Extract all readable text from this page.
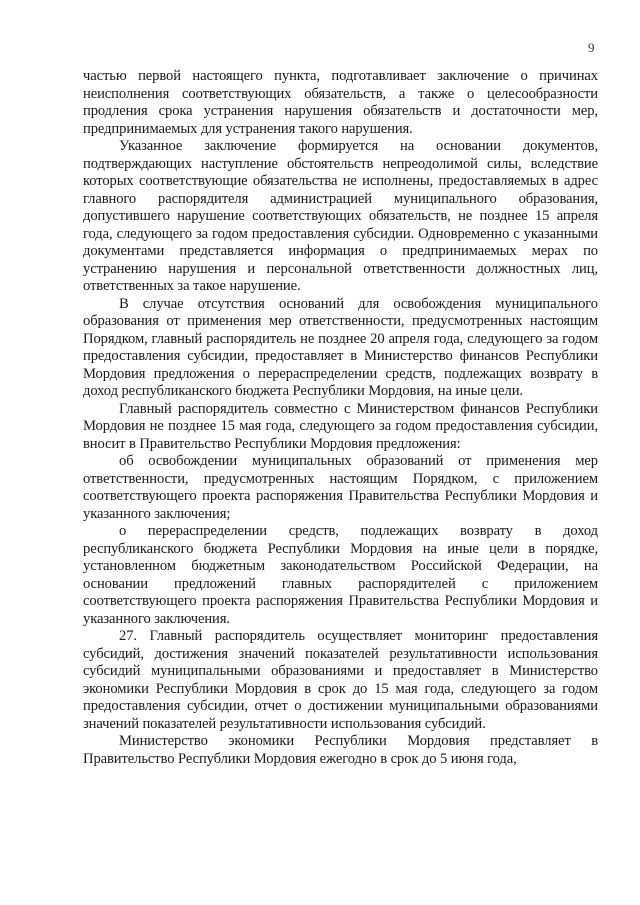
9

частью первой настоящего пункта, подготавливает заключение о причинах неисполнения соответствующих обязательств, а также о целесообразности продления срока устранения нарушения обязательств и достаточности мер, предпринимаемых для устранения такого нарушения.

Указанное заключение формируется на основании документов, подтверждающих наступление обстоятельств непреодолимой силы, вследствие которых соответствующие обязательства не исполнены, предоставляемых в адрес главного распорядителя администрацией муниципального образования, допустившего нарушение соответствующих обязательств, не позднее 15 апреля года, следующего за годом предоставления субсидии. Одновременно с указанными документами представляется информация о предпринимаемых мерах по устранению нарушения и персональной ответственности должностных лиц, ответственных за такое нарушение.

В случае отсутствия оснований для освобождения муниципального образования от применения мер ответственности, предусмотренных настоящим Порядком, главный распорядитель не позднее 20 апреля года, следующего за годом предоставления субсидии, предоставляет в Министерство финансов Республики Мордовия предложения о перераспределении средств, подлежащих возврату в доход республиканского бюджета Республики Мордовия, на иные цели.

Главный распорядитель совместно с Министерством финансов Республики Мордовия не позднее 15 мая года, следующего за годом предоставления субсидии, вносит в Правительство Республики Мордовия предложения:

об освобождении муниципальных образований от применения мер ответственности, предусмотренных настоящим Порядком, с приложением соответствующего проекта распоряжения Правительства Республики Мордовия и указанного заключения;

о перераспределении средств, подлежащих возврату в доход республиканского бюджета Республики Мордовия на иные цели в порядке, установленном бюджетным законодательством Российской Федерации, на основании предложений главных распорядителей с приложением соответствующего проекта распоряжения Правительства Республики Мордовия и указанного заключения.

27. Главный распорядитель осуществляет мониторинг предоставления субсидий, достижения значений показателей результативности использования субсидий муниципальными образованиями и предоставляет в Министерство экономики Республики Мордовия в срок до 15 мая года, следующего за годом предоставления субсидии, отчет о достижении муниципальными образованиями значений показателей результативности использования субсидий.

Министерство экономики Республики Мордовия представляет в Правительство Республики Мордовия ежегодно в срок до 5 июня года,
